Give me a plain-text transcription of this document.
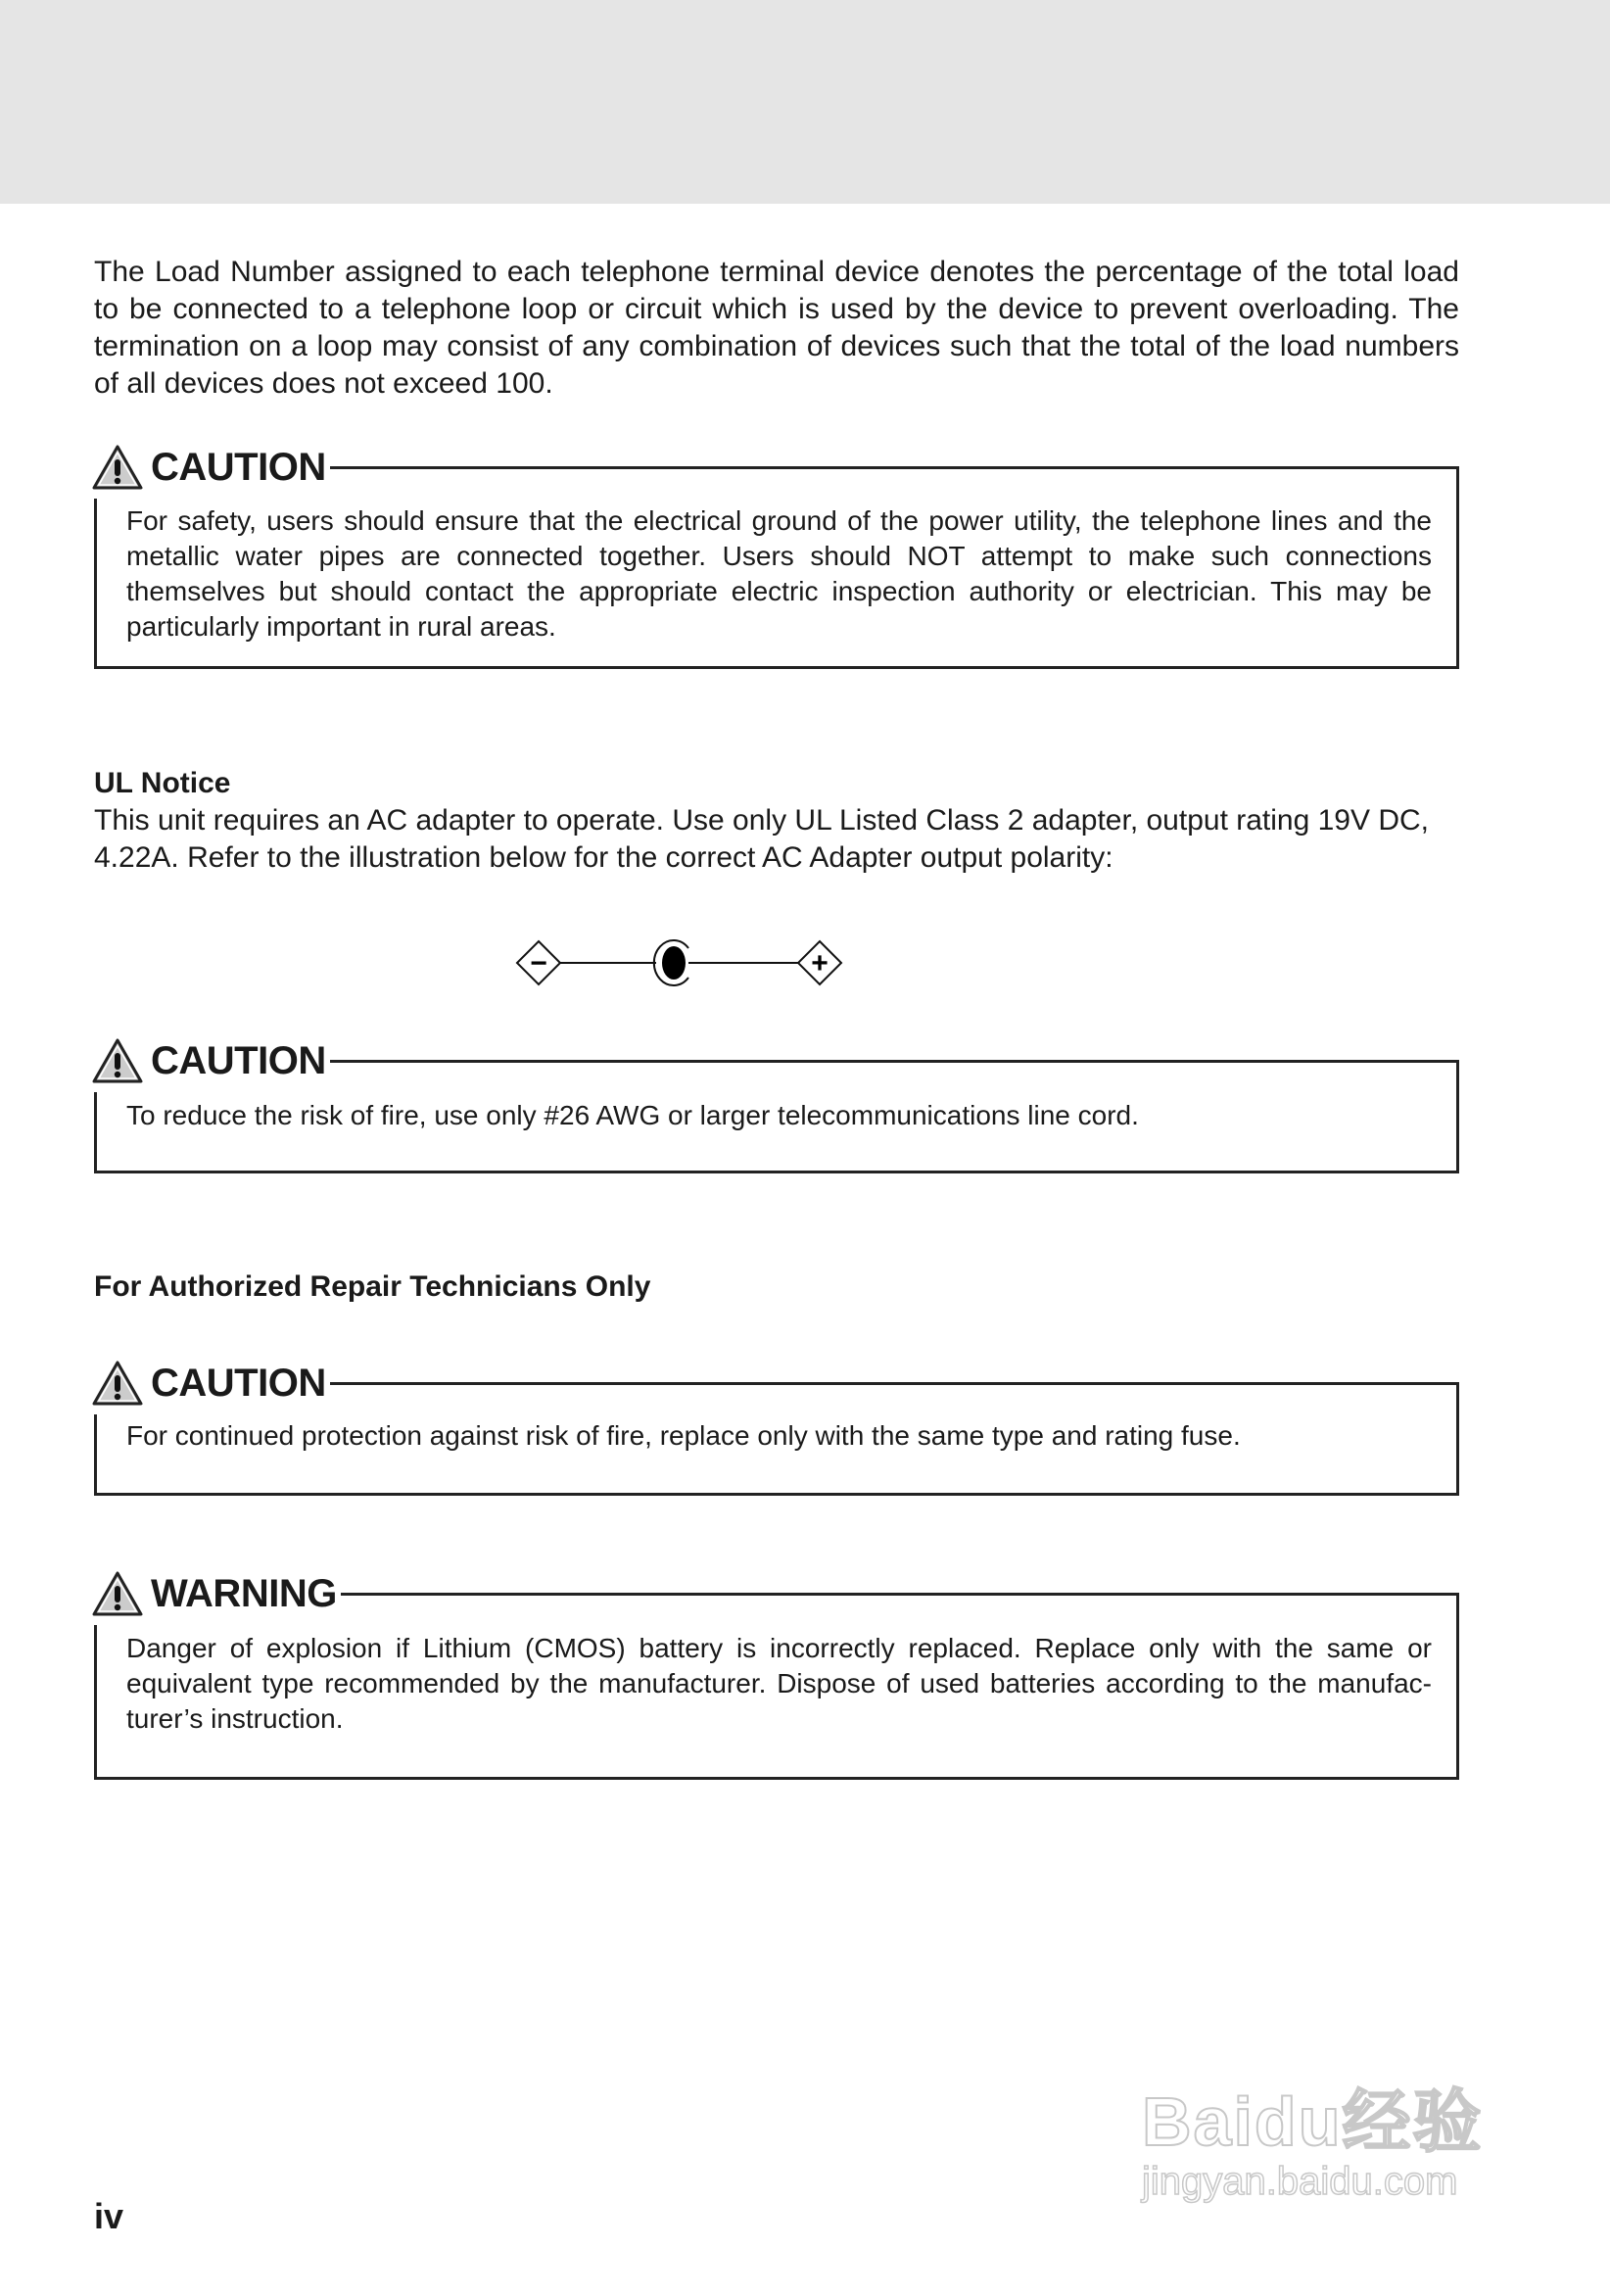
The Load Number assigned to each telephone terminal device denotes the percentage of the total load to be connected to a telephone loop or circuit which is used by the device to prevent overloading. The termination on a loop may consist of any combination of devices such that the total of the load numbers of all devices does not exceed 100.

CAUTION
For safety, users should ensure that the electrical ground of the power utility, the telephone lines and the metallic water pipes are connected together. Users should NOT attempt to make such connections themselves but should contact the appropriate electric inspection authority or electrician. This may be particularly important in rural areas.

UL Notice

This unit requires an AC adapter to operate. Use only UL Listed Class 2 adapter, output rating 19V DC, 4.22A. Refer to the illustration below for the correct AC Adapter output polarity:

−	+
CAUTION
To reduce the risk of fire, use only #26 AWG or larger telecommunications line cord.

For Authorized Repair Technicians Only

CAUTION
For continued protection against risk of fire, replace only with the same type and rating fuse.
WARNING
Danger of explosion if Lithium (CMOS) battery is incorrectly replaced. Replace only with the same or equivalent type recommended by the manufacturer. Dispose of used batteries according to the manufac-turer’s instruction.
Baidu经验
jingyan.baidu.com
iv
